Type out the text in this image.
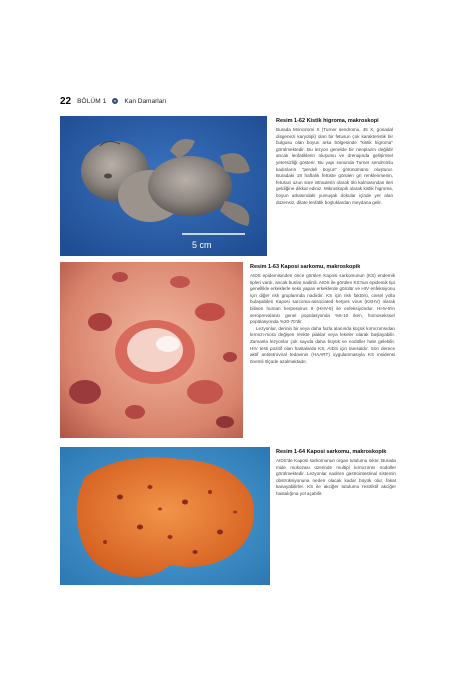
22 BÖLÜM 1	Kan Damarları
5 cm
Resim 1-62 Kistik higroma, makroskopi

Burada Monozomi X (Turner sendromu, 45 X, gonadal disgenezi karyotipi) olan bir fetusun çok karakteristik bir bulgusu olan boyun arka bölgesinde "kistik higroma" görülmektedir. Bu lezyon genelde bir neoplazm değildir ancak lenfatiklerin oluşumu ve drenajında gelişimsel yetersizliği gösterir. Bu yapı sonunda Turner sendromlu kadınların "perdeli boyun" görünümünü oluşturur. Buradaki 18 haftalık fetüste görülen gri renklenmenin, fetusun uzun süre intrauterin olarak ölü kalmasından ileri geldiğine dikkat ediniz. Mikroskopik olarak kistik higroma, boyun arkasındaki yumuşak dokular içinde yer alan düzensiz, dilate lenfatik boşluklardan meydana gelir.

Resim 1-63 Kaposi sarkomu, makroskopik

AIDS epidemisinden önce görülen Kaposi sarkomunun (KS) endemik tipleri vardı, ancak bunlar nadirdi. AIDS ile görülen KS'nun epidemik tipi genellikle erkeklerle seks yapan erkeklerde görülür ve HIV enfeksiyonu için diğer risk gruplarında nadirdir. KS için risk faktörü, cinsel yolla bulaşabilen Kaposi sarcoma-associated herpes virus (KSHV) olarak bilinen human herpesvirus 8 (HHV-8) ile enfeksiyondur. HHV-8'in seroprevalansı genel popülasyonda %5-10 iken, homoseksüel popülasyonda %20-70'dir.

Lezyonlar, derinin bir veya daha fazla alanında küçük kırmızımsıdan kırmızı-mora değişen renkte plaklar veya lekeler olarak başlayabilir. Zamanla lezyonlar çok sayıda daha büyük ve nodüller hale gelebilir. HIV testi pozitif olan hastalarda KS, AIDS için tanısaldır. Son derece aktif antiretroviral tedavinin (HAART) uygulanmasıyla KS insidensi önemli ölçüde azalmaktadır.

Resim 1-64 Kaposi sarkomu, makroskopik

AIDS'de Kaposi sarkomunun organ tutulumu sıktır. Burada mide mukozası üzerinde multipl kırmızımsı nodüller görülmektedir. Lezyonlar nadiren gastrointestinal sistemin obstrüksiyonuna neden olacak kadar büyük olur, fakat kanayabilirler. KS ile akciğer tutulumu restriktif akciğer hastalığına yol açabilir.
